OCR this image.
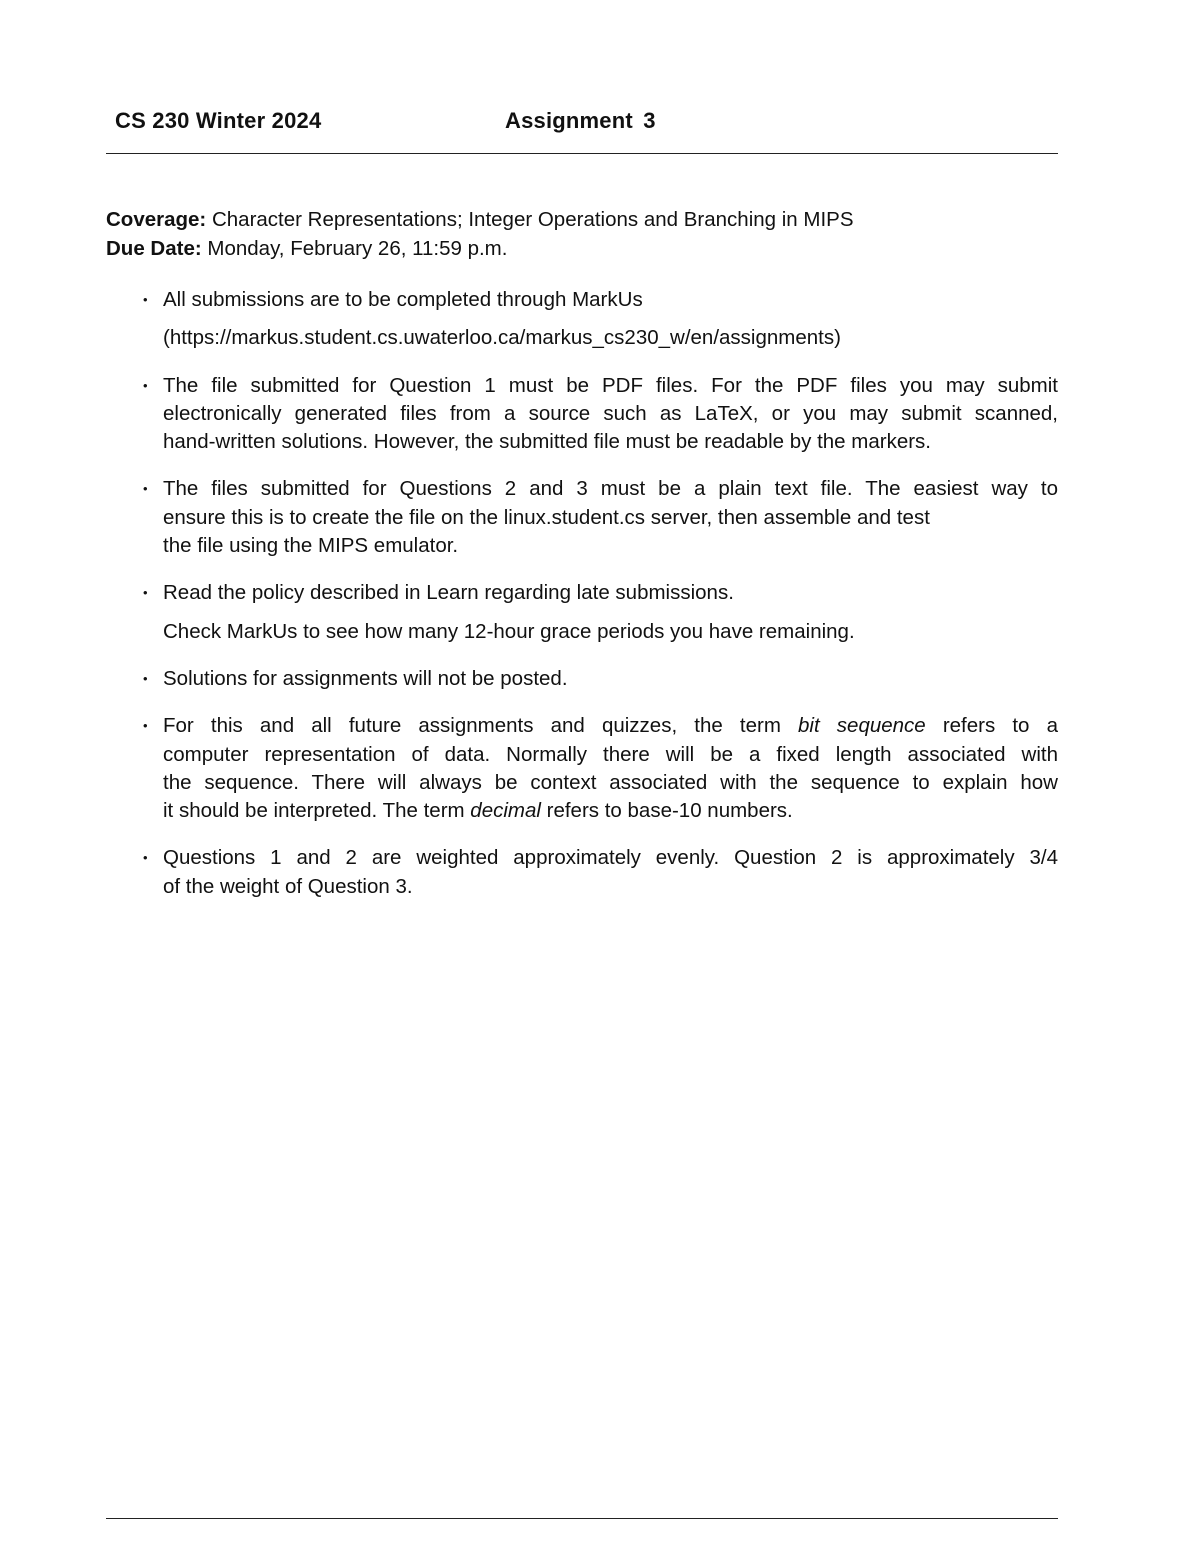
CS 230 Winter 2024	Assignment 3
Coverage: Character Representations; Integer Operations and Branching in MIPS
Due Date: Monday, February 26, 11:59 p.m.
• All submissions are to be completed through MarkUs
(https://markus.student.cs.uwaterloo.ca/markus_cs230_w/en/assignments)
• The file submitted for Question 1 must be PDF files. For the PDF files you may submit
electronically generated files from a source such as LaTeX, or you may submit scanned,
hand-written solutions. However, the submitted file must be readable by the markers.
• The files submitted for Questions 2 and 3 must be a plain text file. The easiest way to
ensure this is to create the file on the linux.student.cs server, then assemble and test
the file using the MIPS emulator.
• Read the policy described in Learn regarding late submissions.
Check MarkUs to see how many 12-hour grace periods you have remaining.
• Solutions for assignments will not be posted.
• For this and all future assignments and quizzes, the term bit sequence refers to a
computer representation of data. Normally there will be a fixed length associated with
the sequence. There will always be context associated with the sequence to explain how
it should be interpreted. The term decimal refers to base-10 numbers.
• Questions 1 and 2 are weighted approximately evenly. Question 2 is approximately 3/4
of the weight of Question 3.
